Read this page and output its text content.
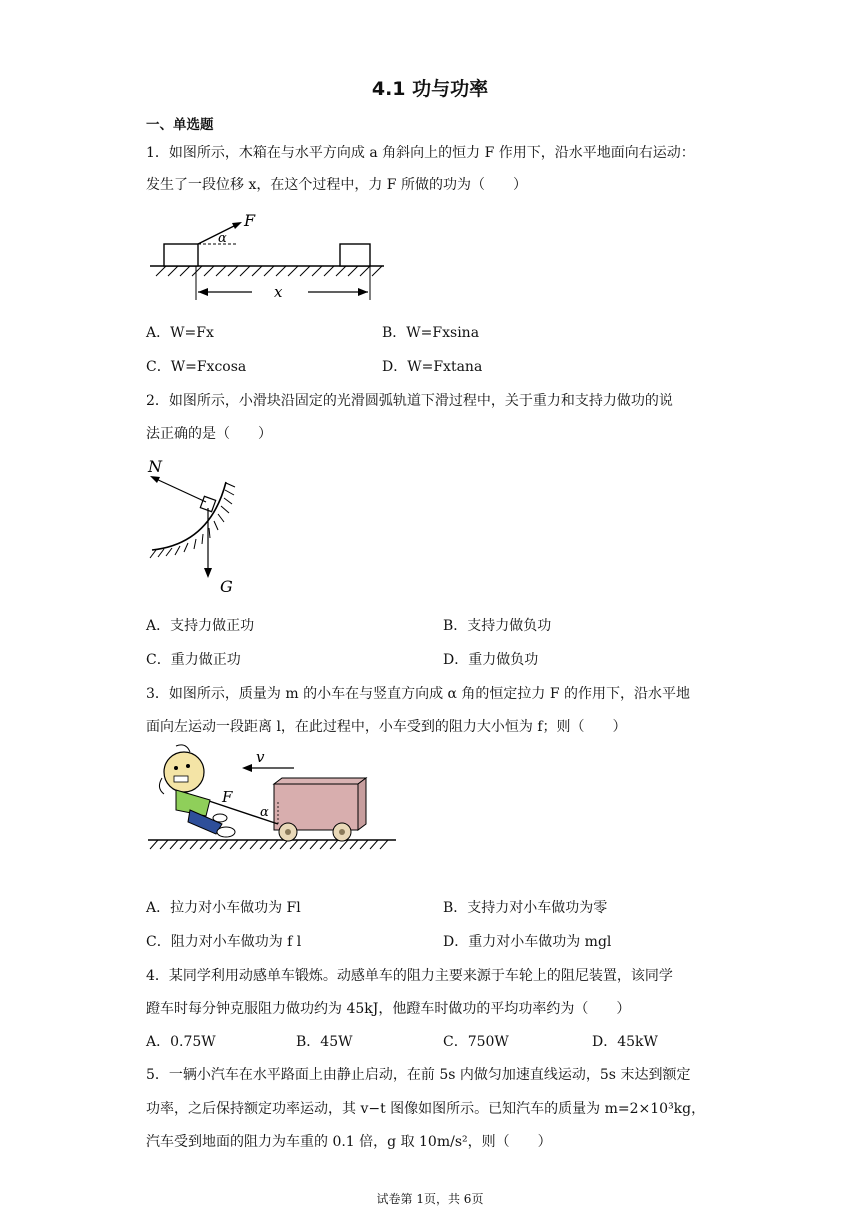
4.1 功与功率
一、单选题
1．如图所示，木箱在与水平方向成 a 角斜向上的恒力 F 作用下，沿水平地面向右运动：
发生了一段位移 x，在这个过程中，力 F 所做的功为（　　）
F
α
x
A．W=Fx	B．W=Fxsina
C．W=Fxcosa	D．W=Fxtana
2．如图所示，小滑块沿固定的光滑圆弧轨道下滑过程中，关于重力和支持力做功的说
法正确的是（　　）
N
G
A．支持力做正功	B．支持力做负功
C．重力做正功	D．重力做负功
3．如图所示，质量为 m 的小车在与竖直方向成 α 角的恒定拉力 F 的作用下，沿水平地
面向左运动一段距离 l，在此过程中，小车受到的阻力大小恒为 f；则（　　）
v
F
α
A．拉力对小车做功为 Fl	B．支持力对小车做功为零
C．阻力对小车做功为 f l	D．重力对小车做功为 mgl
4．某同学利用动感单车锻炼。动感单车的阻力主要来源于车轮上的阻尼装置，该同学
蹬车时每分钟克服阻力做功约为 45kJ，他蹬车时做功的平均功率约为（　　）
A．0.75W	B．45W	C．750W	D．45kW
5．一辆小汽车在水平路面上由静止启动，在前 5s 内做匀加速直线运动，5s 末达到额定
功率，之后保持额定功率运动，其 v−t 图像如图所示。已知汽车的质量为 m=2×10³kg，
汽车受到地面的阻力为车重的 0.1 倍，g 取 10m/s²，则（　　）
试卷第 1页，共 6页
